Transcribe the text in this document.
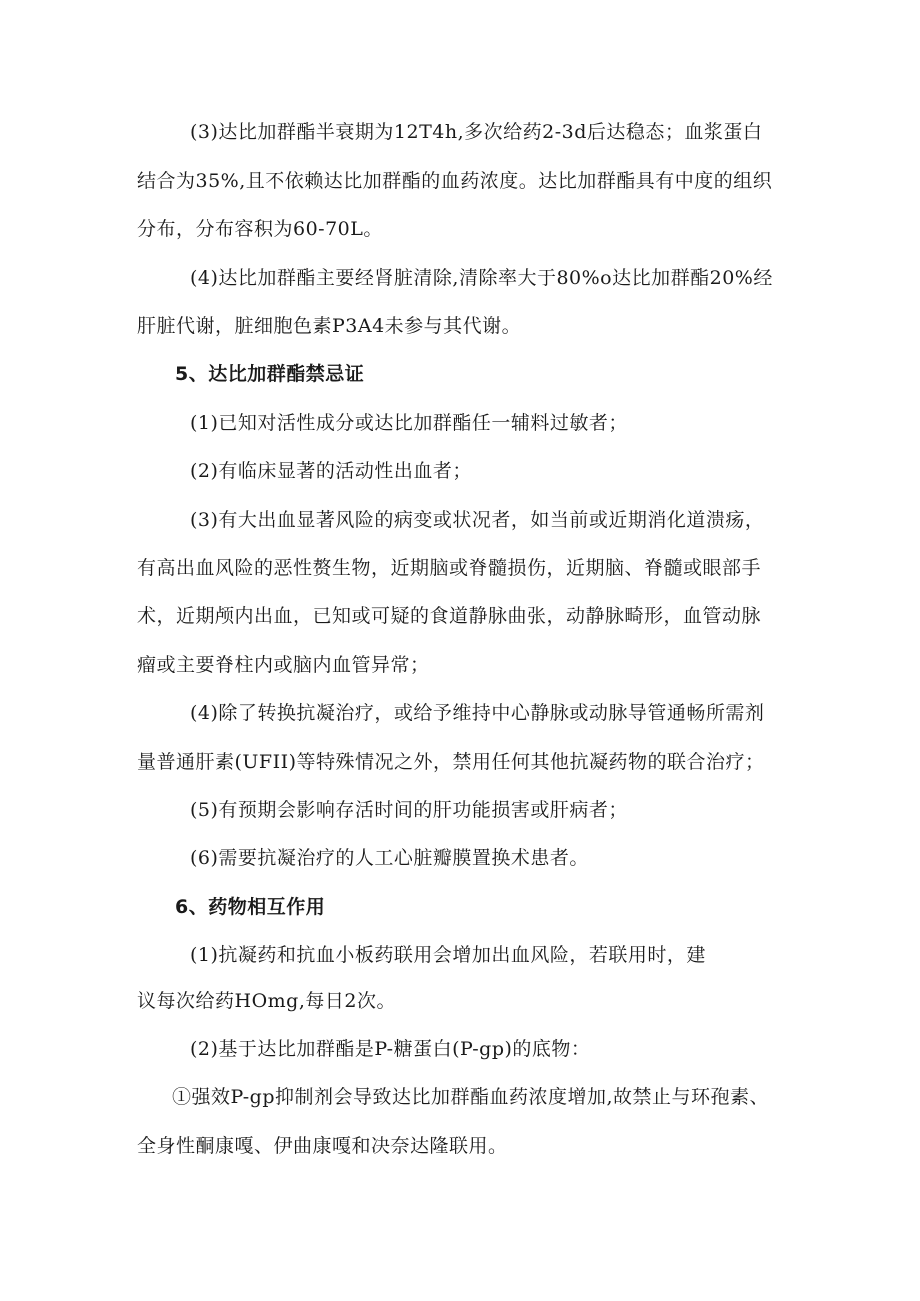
(3)达比加群酯半衰期为12T4h,多次给药2-3d后达稳态；血浆蛋白

结合为35%,且不依赖达比加群酯的血药浓度。达比加群酯具有中度的组织

分布，分布容积为60-70L。

(4)达比加群酯主要经肾脏清除,清除率大于80%o达比加群酯20%经

肝脏代谢，脏细胞色素P3A4未参与其代谢。

5、达比加群酯禁忌证

(1)已知对活性成分或达比加群酯任一辅料过敏者；

(2)有临床显著的活动性出血者；

(3)有大出血显著风险的病变或状况者，如当前或近期消化道溃疡，

有高出血风险的恶性赘生物，近期脑或脊髓损伤，近期脑、脊髓或眼部手

术，近期颅内出血，已知或可疑的食道静脉曲张，动静脉畸形，血管动脉

瘤或主要脊柱内或脑内血管异常；

(4)除了转换抗凝治疗，或给予维持中心静脉或动脉导管通畅所需剂

量普通肝素(UFII)等特殊情况之外，禁用任何其他抗凝药物的联合治疗；

(5)有预期会影响存活时间的肝功能损害或肝病者；

(6)需要抗凝治疗的人工心脏瓣膜置换术患者。

6、药物相互作用

(1)抗凝药和抗血小板药联用会增加出血风险，若联用时，建

议每次给药HOmg,每日2次。

(2)基于达比加群酯是P-糖蛋白(P-gp)的底物：

①强效P-gp抑制剂会导致达比加群酯血药浓度增加,故禁止与环孢素、

全身性酮康嘎、伊曲康嘎和决奈达隆联用。
